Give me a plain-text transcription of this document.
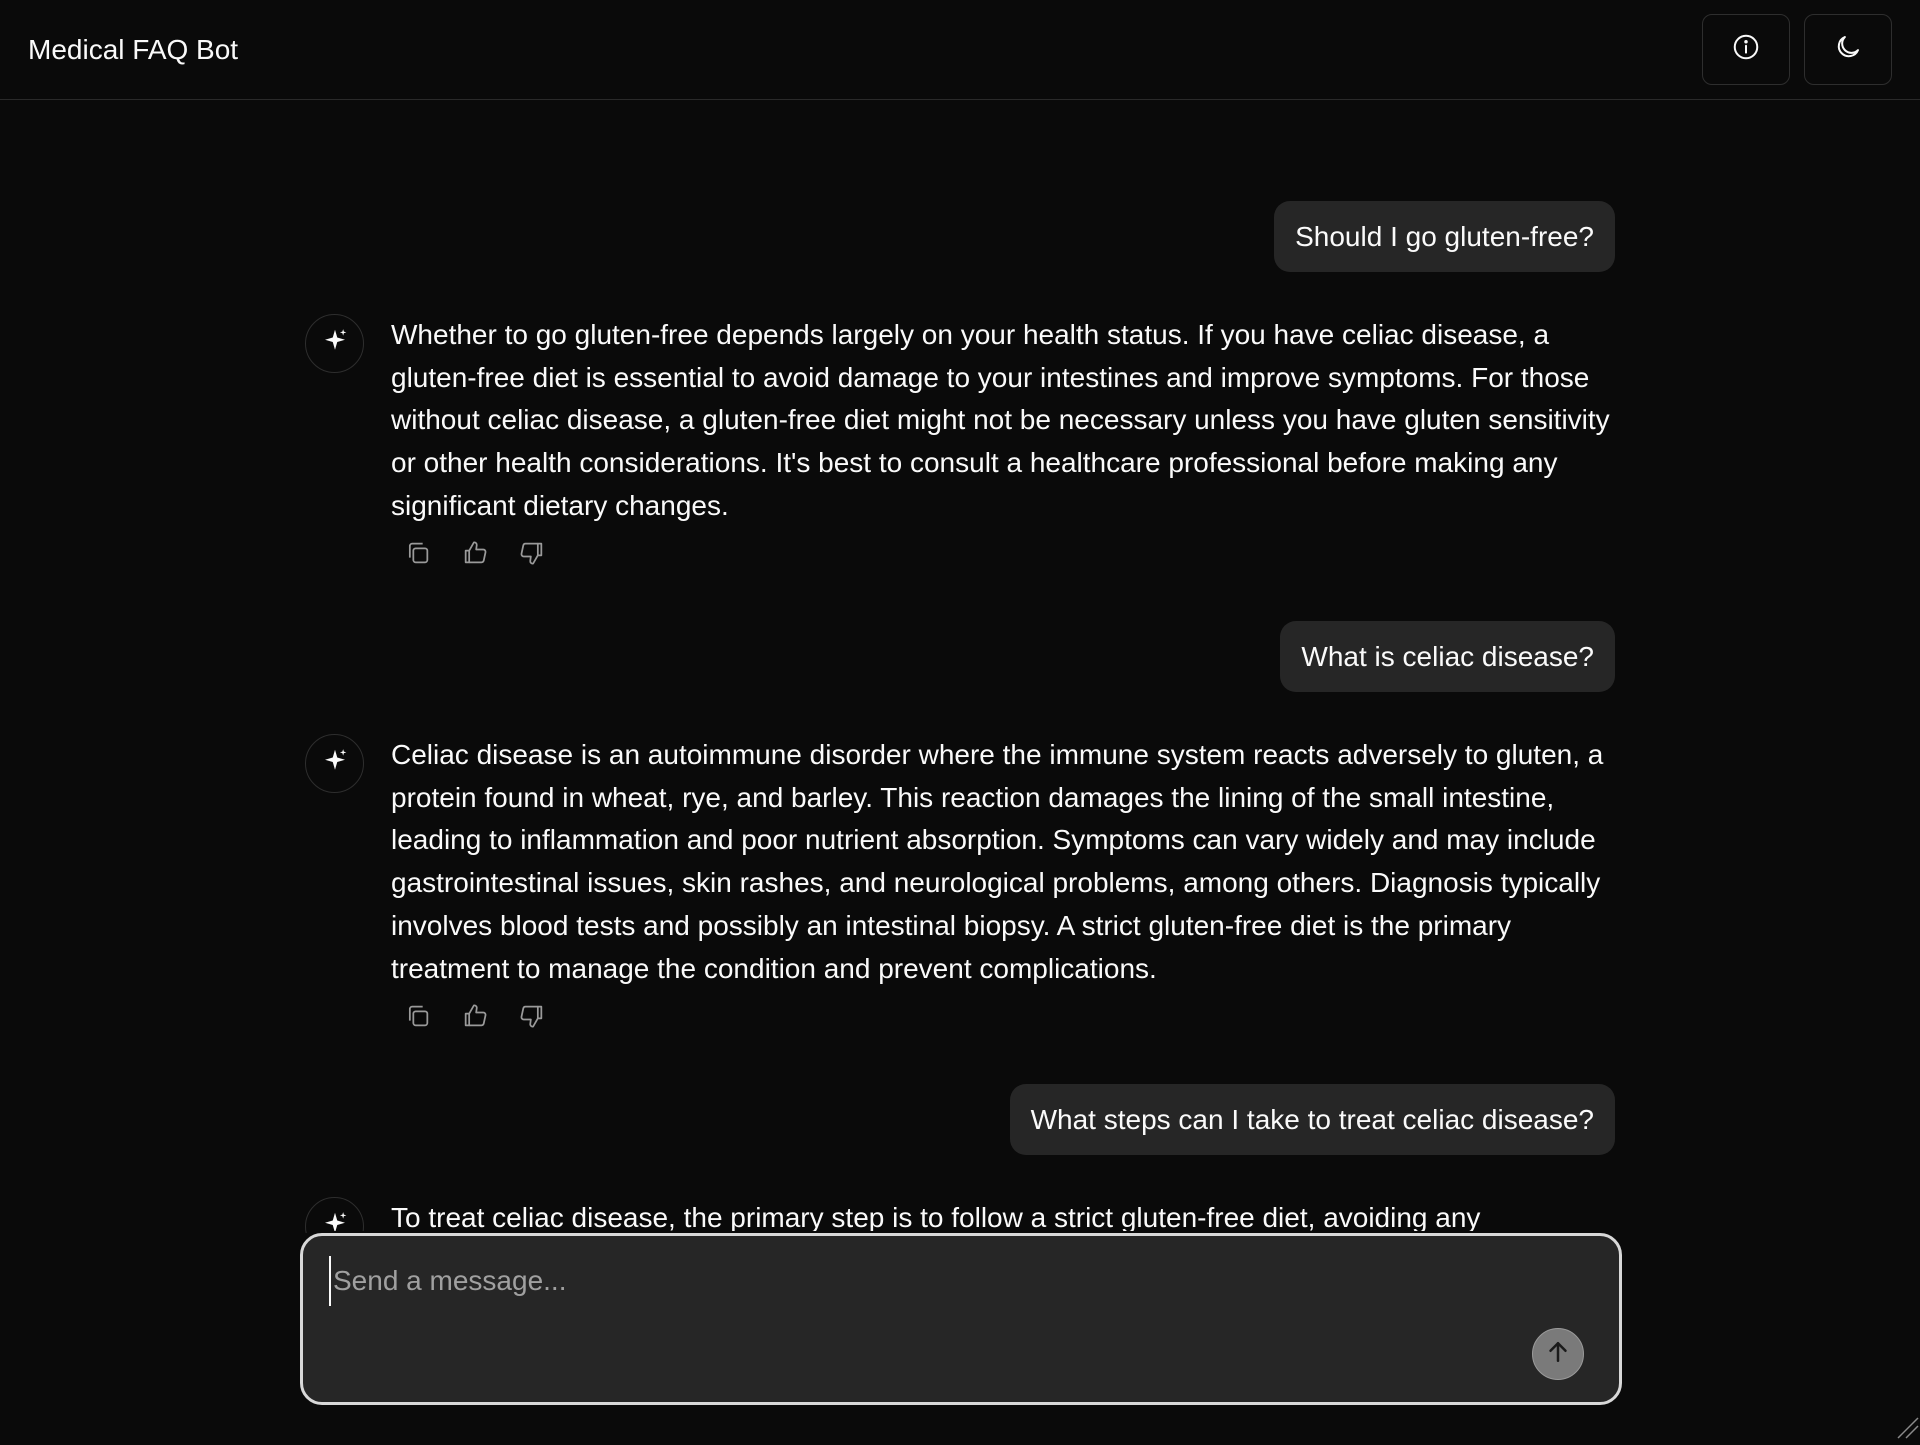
Medical FAQ Bot
Should I go gluten-free?
Whether to go gluten-free depends largely on your health status. If you have celiac disease, a gluten-free diet is essential to avoid damage to your intestines and improve symptoms. For those without celiac disease, a gluten-free diet might not be necessary unless you have gluten sensitivity or other health considerations. It's best to consult a healthcare professional before making any significant dietary changes.
What is celiac disease?
Celiac disease is an autoimmune disorder where the immune system reacts adversely to gluten, a protein found in wheat, rye, and barley. This reaction damages the lining of the small intestine, leading to inflammation and poor nutrient absorption. Symptoms can vary widely and may include gastrointestinal issues, skin rashes, and neurological problems, among others. Diagnosis typically involves blood tests and possibly an intestinal biopsy. A strict gluten-free diet is the primary treatment to manage the condition and prevent complications.
What steps can I take to treat celiac disease?
To treat celiac disease, the primary step is to follow a strict gluten-free diet, avoiding any
Send a message...
